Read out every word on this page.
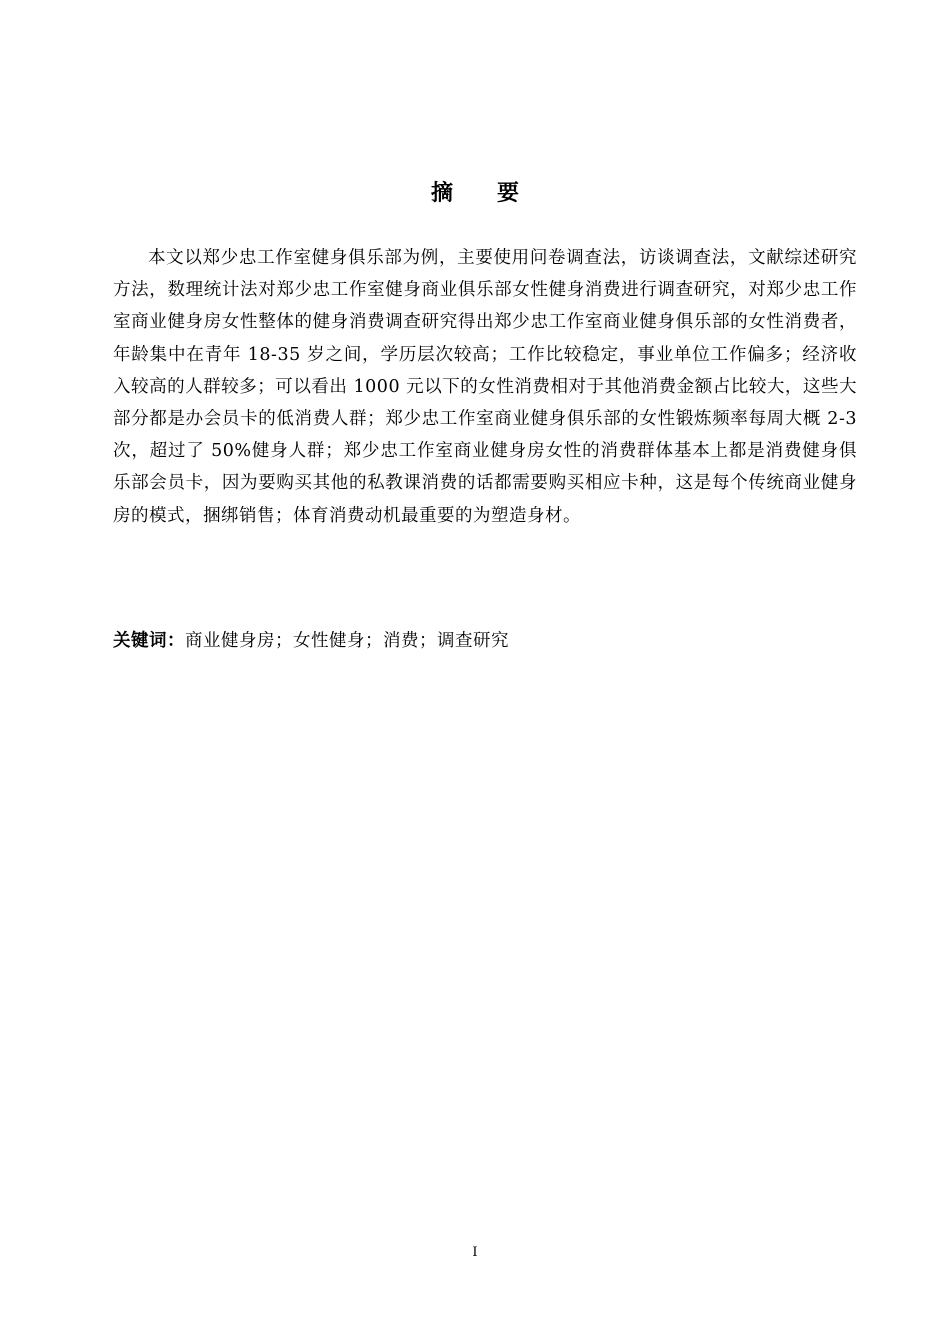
摘要

本文以郑少忠工作室健身俱乐部为例，主要使用问卷调查法，访谈调查法，文献综述研究方法，数理统计法对郑少忠工作室健身商业俱乐部女性健身消费进行调查研究，对郑少忠工作室商业健身房女性整体的健身消费调查研究得出郑少忠工作室商业健身俱乐部的女性消费者，年龄集中在青年 18-35 岁之间，学历层次较高；工作比较稳定，事业单位工作偏多；经济收入较高的人群较多；可以看出 1000 元以下的女性消费相对于其他消费金额占比较大，这些大部分都是办会员卡的低消费人群；郑少忠工作室商业健身俱乐部的女性锻炼频率每周大概 2-3 次，超过了 50%健身人群；郑少忠工作室商业健身房女性的消费群体基本上都是消费健身俱乐部会员卡，因为要购买其他的私教课消费的话都需要购买相应卡种，这是每个传统商业健身房的模式，捆绑销售；体育消费动机最重要的为塑造身材。

关键词：商业健身房；女性健身；消费；调查研究

I
